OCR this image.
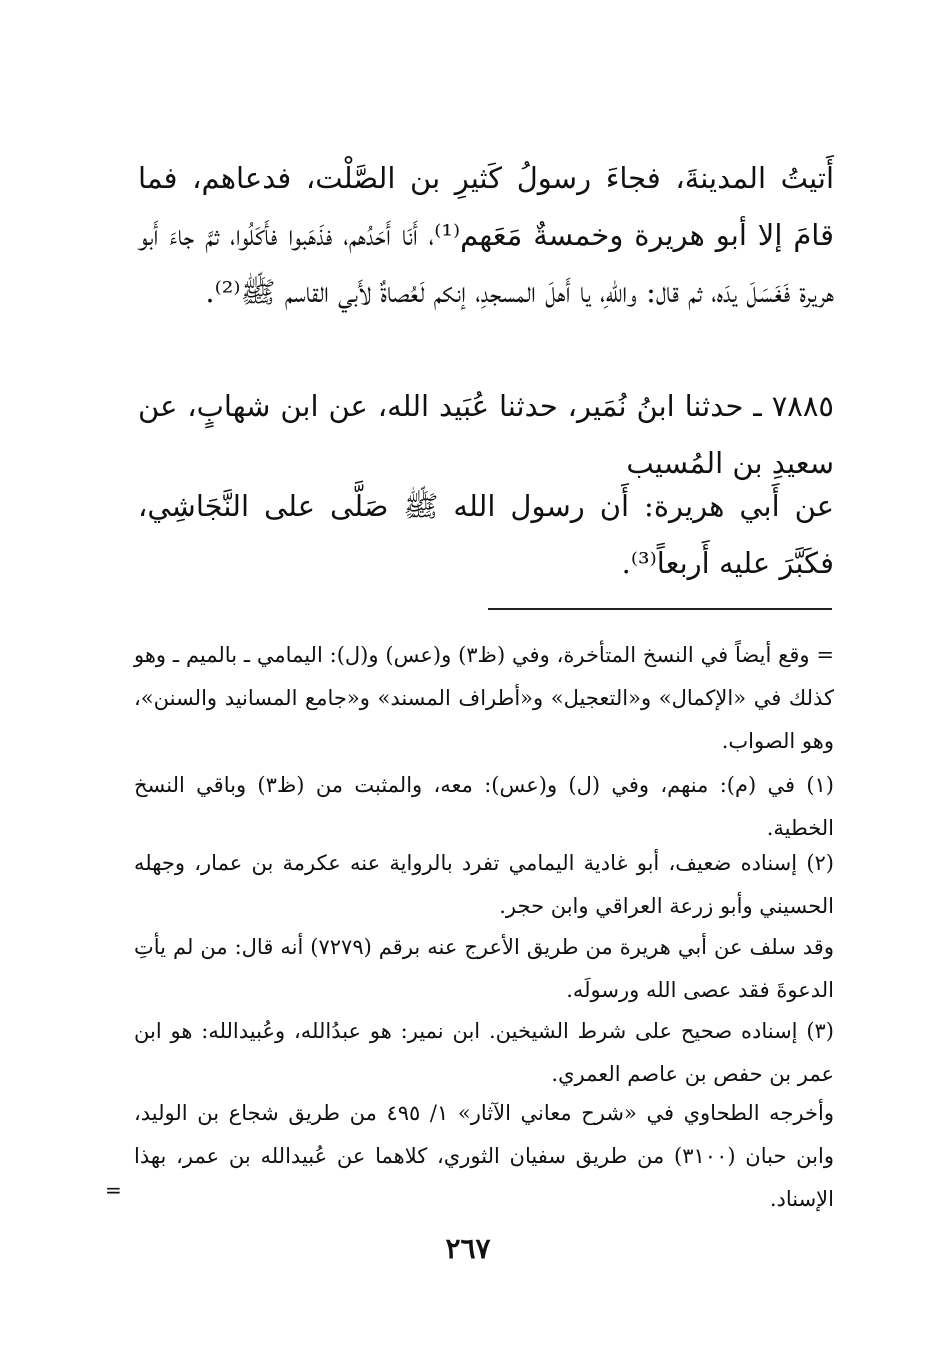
أَتيتُ المدينةَ، فجاءَ رسولُ كَثيرِ بن الصَّلْت، فدعاهم، فما قامَ إلا أبو هريرة وخمسةٌ مَعَهم⁽¹⁾، أَنَا أَحَدُهم، فذَهَبوا فأَكَلُوا، ثمَّ جاءَ أَبو هريرة فَغَسَلَ يدَه، ثم قال: واللهِ، يا أَهلَ المسجدِ، إنكم لَعُصاةٌ لأَبي القاسم ﷺ⁽²⁾.

٧٨٨٥ ـ حدثنا ابنُ نُمَير، حدثنا عُبَيد الله، عن ابن شهابٍ، عن سعيدِ بن المُسيب

عن أَبي هريرة: أَن رسول الله ﷺ صَلَّى على النَّجَاشِي، فكَبَّرَ عليه أَربعاً⁽³⁾.

= وقع أيضاً في النسخ المتأخرة، وفي (ظ٣) و(عس) و(ل): اليمامي ـ بالميم ـ وهو كذلك في «الإكمال» و«التعجيل» و«أطراف المسند» و«جامع المسانيد والسنن»، وهو الصواب.

(١) في (م): منهم، وفي (ل) و(عس): معه، والمثبت من (ظ٣) وباقي النسخ الخطية.

(٢) إسناده ضعيف، أبو غادية اليمامي تفرد بالرواية عنه عكرمة بن عمار، وجهله الحسيني وأبو زرعة العراقي وابن حجر.

وقد سلف عن أبي هريرة من طريق الأعرج عنه برقم (٧٢٧٩) أنه قال: من لم يأتِ الدعوةَ فقد عصى الله ورسولَه.

(٣) إسناده صحيح على شرط الشيخين. ابن نمير: هو عبدُالله، وعُبيدالله: هو ابن عمر بن حفص بن عاصم العمري.

وأخرجه الطحاوي في «شرح معاني الآثار» ١/ ٤٩٥ من طريق شجاع بن الوليد، وابن حبان (٣١٠٠) من طريق سفيان الثوري، كلاهما عن عُبيدالله بن عمر، بهذا الإسناد.

=
٢٦٧
